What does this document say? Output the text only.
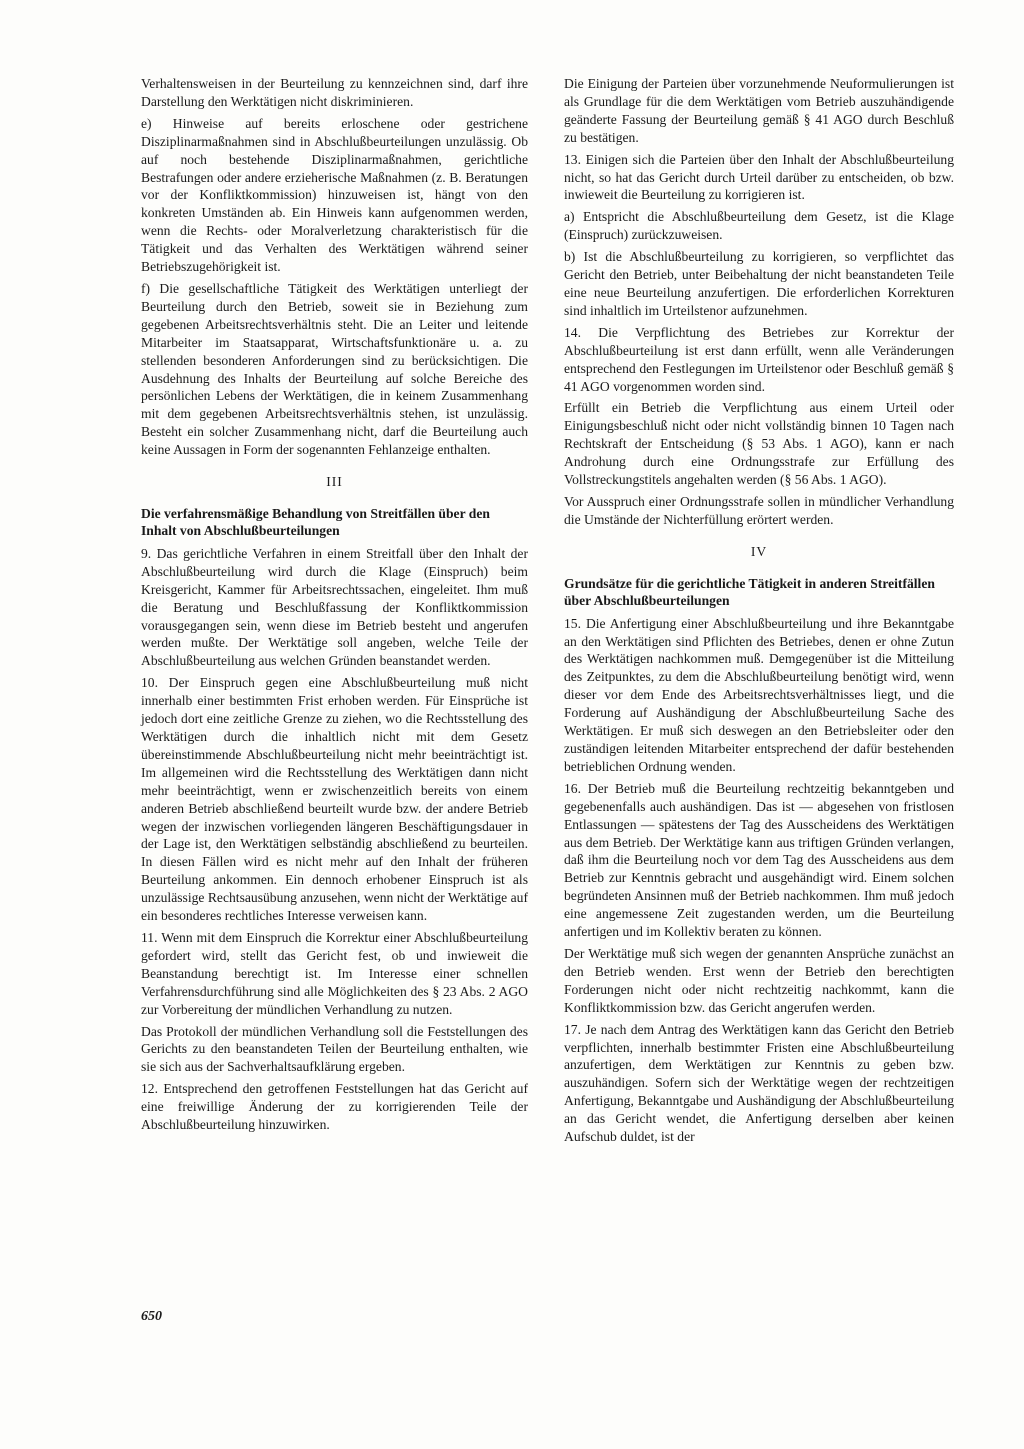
Verhaltensweisen in der Beurteilung zu kennzeichnen sind, darf ihre Darstellung den Werktätigen nicht diskriminieren.

e) Hinweise auf bereits erloschene oder gestrichene Disziplinarmaßnahmen sind in Abschlußbeurteilungen unzulässig. Ob auf noch bestehende Disziplinarmaßnahmen, gerichtliche Bestrafungen oder andere erzieherische Maßnahmen (z. B. Beratungen vor der Konfliktkommission) hinzuweisen ist, hängt von den konkreten Umständen ab. Ein Hinweis kann aufgenommen werden, wenn die Rechts- oder Moralverletzung charakteristisch für die Tätigkeit und das Verhalten des Werktätigen während seiner Betriebszugehörigkeit ist.

f) Die gesellschaftliche Tätigkeit des Werktätigen unterliegt der Beurteilung durch den Betrieb, soweit sie in Beziehung zum gegebenen Arbeitsrechtsverhältnis steht. Die an Leiter und leitende Mitarbeiter im Staatsapparat, Wirtschaftsfunktionäre u. a. zu stellenden besonderen Anforderungen sind zu berücksichtigen. Die Ausdehnung des Inhalts der Beurteilung auf solche Bereiche des persönlichen Lebens der Werktätigen, die in keinem Zusammenhang mit dem gegebenen Arbeitsrechtsverhältnis stehen, ist unzulässig. Besteht ein solcher Zusammenhang nicht, darf die Beurteilung auch keine Aussagen in Form der sogenannten Fehlanzeige enthalten.

III
Die verfahrensmäßige Behandlung von Streitfällen über den Inhalt von Abschlußbeurteilungen

9. Das gerichtliche Verfahren in einem Streitfall über den Inhalt der Abschlußbeurteilung wird durch die Klage (Einspruch) beim Kreisgericht, Kammer für Arbeitsrechtssachen, eingeleitet. Ihm muß die Beratung und Beschlußfassung der Konfliktkommission vorausgegangen sein, wenn diese im Betrieb besteht und angerufen werden mußte. Der Werktätige soll angeben, welche Teile der Abschlußbeurteilung aus welchen Gründen beanstandet werden.

10. Der Einspruch gegen eine Abschlußbeurteilung muß nicht innerhalb einer bestimmten Frist erhoben werden. Für Einsprüche ist jedoch dort eine zeitliche Grenze zu ziehen, wo die Rechtsstellung des Werktätigen durch die inhaltlich nicht mit dem Gesetz übereinstimmende Abschlußbeurteilung nicht mehr beeinträchtigt ist. Im allgemeinen wird die Rechtsstellung des Werktätigen dann nicht mehr beeinträchtigt, wenn er zwischenzeitlich bereits von einem anderen Betrieb abschließend beurteilt wurde bzw. der andere Betrieb wegen der inzwischen vorliegenden längeren Beschäftigungsdauer in der Lage ist, den Werktätigen selbständig abschließend zu beurteilen. In diesen Fällen wird es nicht mehr auf den Inhalt der früheren Beurteilung ankommen. Ein dennoch erhobener Einspruch ist als unzulässige Rechtsausübung anzusehen, wenn nicht der Werktätige auf ein besonderes rechtliches Interesse verweisen kann.

11. Wenn mit dem Einspruch die Korrektur einer Abschlußbeurteilung gefordert wird, stellt das Gericht fest, ob und inwieweit die Beanstandung berechtigt ist. Im Interesse einer schnellen Verfahrensdurchführung sind alle Möglichkeiten des § 23 Abs. 2 AGO zur Vorbereitung der mündlichen Verhandlung zu nutzen.

Das Protokoll der mündlichen Verhandlung soll die Feststellungen des Gerichts zu den beanstandeten Teilen der Beurteilung enthalten, wie sie sich aus der Sachverhaltsaufklärung ergeben.

12. Entsprechend den getroffenen Feststellungen hat das Gericht auf eine freiwillige Änderung der zu korrigierenden Teile der Abschlußbeurteilung hinzuwirken.

Die Einigung der Parteien über vorzunehmende Neuformulierungen ist als Grundlage für die dem Werktätigen vom Betrieb auszuhändigende geänderte Fassung der Beurteilung gemäß § 41 AGO durch Beschluß zu bestätigen.

13. Einigen sich die Parteien über den Inhalt der Abschlußbeurteilung nicht, so hat das Gericht durch Urteil darüber zu entscheiden, ob bzw. inwieweit die Beurteilung zu korrigieren ist.

a) Entspricht die Abschlußbeurteilung dem Gesetz, ist die Klage (Einspruch) zurückzuweisen.

b) Ist die Abschlußbeurteilung zu korrigieren, so verpflichtet das Gericht den Betrieb, unter Beibehaltung der nicht beanstandeten Teile eine neue Beurteilung anzufertigen. Die erforderlichen Korrekturen sind inhaltlich im Urteilstenor aufzunehmen.

14. Die Verpflichtung des Betriebes zur Korrektur der Abschlußbeurteilung ist erst dann erfüllt, wenn alle Veränderungen entsprechend den Festlegungen im Urteilstenor oder Beschluß gemäß § 41 AGO vorgenommen worden sind.

Erfüllt ein Betrieb die Verpflichtung aus einem Urteil oder Einigungsbeschluß nicht oder nicht vollständig binnen 10 Tagen nach Rechtskraft der Entscheidung (§ 53 Abs. 1 AGO), kann er nach Androhung durch eine Ordnungsstrafe zur Erfüllung des Vollstreckungstitels angehalten werden (§ 56 Abs. 1 AGO).

Vor Ausspruch einer Ordnungsstrafe sollen in mündlicher Verhandlung die Umstände der Nichterfüllung erörtert werden.

IV
Grundsätze für die gerichtliche Tätigkeit in anderen Streitfällen über Abschlußbeurteilungen

15. Die Anfertigung einer Abschlußbeurteilung und ihre Bekanntgabe an den Werktätigen sind Pflichten des Betriebes, denen er ohne Zutun des Werktätigen nachkommen muß. Demgegenüber ist die Mitteilung des Zeitpunktes, zu dem die Abschlußbeurteilung benötigt wird, wenn dieser vor dem Ende des Arbeitsrechtsverhältnisses liegt, und die Forderung auf Aushändigung der Abschlußbeurteilung Sache des Werktätigen. Er muß sich deswegen an den Betriebsleiter oder den zuständigen leitenden Mitarbeiter entsprechend der dafür bestehenden betrieblichen Ordnung wenden.

16. Der Betrieb muß die Beurteilung rechtzeitig bekanntgeben und gegebenenfalls auch aushändigen. Das ist — abgesehen von fristlosen Entlassungen — spätestens der Tag des Ausscheidens des Werktätigen aus dem Betrieb. Der Werktätige kann aus triftigen Gründen verlangen, daß ihm die Beurteilung noch vor dem Tag des Ausscheidens aus dem Betrieb zur Kenntnis gebracht und ausgehändigt wird. Einem solchen begründeten Ansinnen muß der Betrieb nachkommen. Ihm muß jedoch eine angemessene Zeit zugestanden werden, um die Beurteilung anfertigen und im Kollektiv beraten zu können.

Der Werktätige muß sich wegen der genannten Ansprüche zunächst an den Betrieb wenden. Erst wenn der Betrieb den berechtigten Forderungen nicht oder nicht rechtzeitig nachkommt, kann die Konfliktkommission bzw. das Gericht angerufen werden.

17. Je nach dem Antrag des Werktätigen kann das Gericht den Betrieb verpflichten, innerhalb bestimmter Fristen eine Abschlußbeurteilung anzufertigen, dem Werktätigen zur Kenntnis zu geben bzw. auszuhändigen. Sofern sich der Werktätige wegen der rechtzeitigen Anfertigung, Bekanntgabe und Aushändigung der Abschlußbeurteilung an das Gericht wendet, die Anfertigung derselben aber keinen Aufschub duldet, ist der

650
